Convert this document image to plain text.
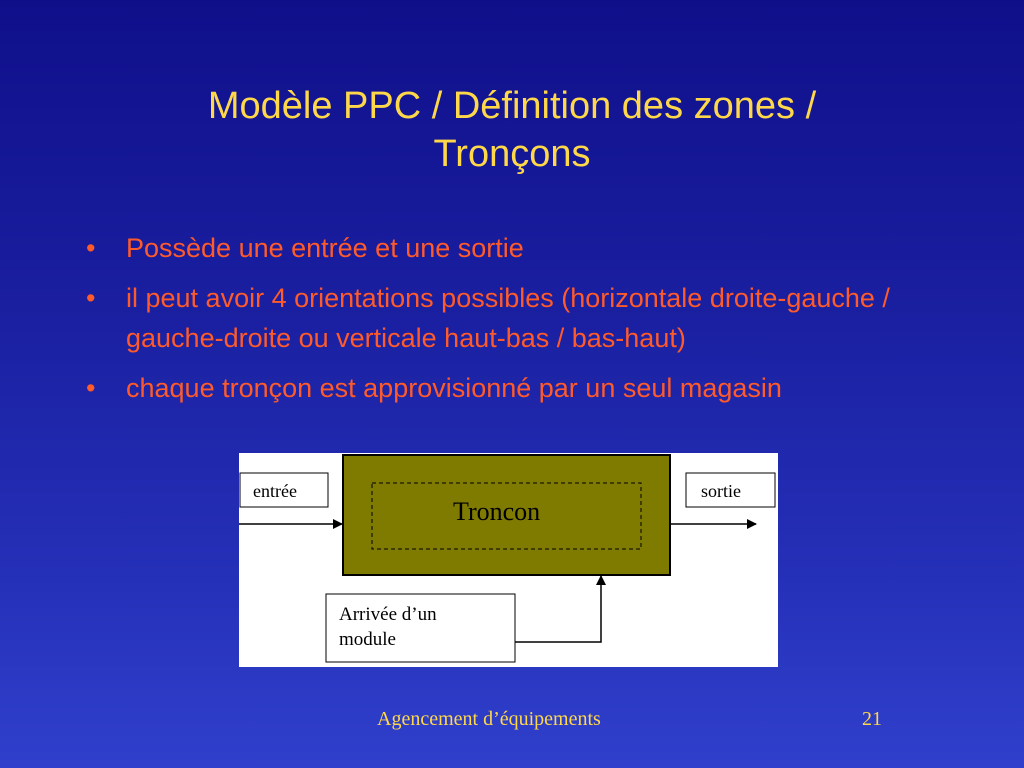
Modèle PPC / Définition des zones /
Tronçons
• Possède une entrée et une sortie
• il peut avoir 4 orientations possibles (horizontale droite-gauche / gauche-droite ou verticale haut-bas / bas-haut)
• chaque tronçon est approvisionné par un seul magasin
entrée	sortie
Troncon
Arrivée d’un
module
Agencement d’équipements	21
